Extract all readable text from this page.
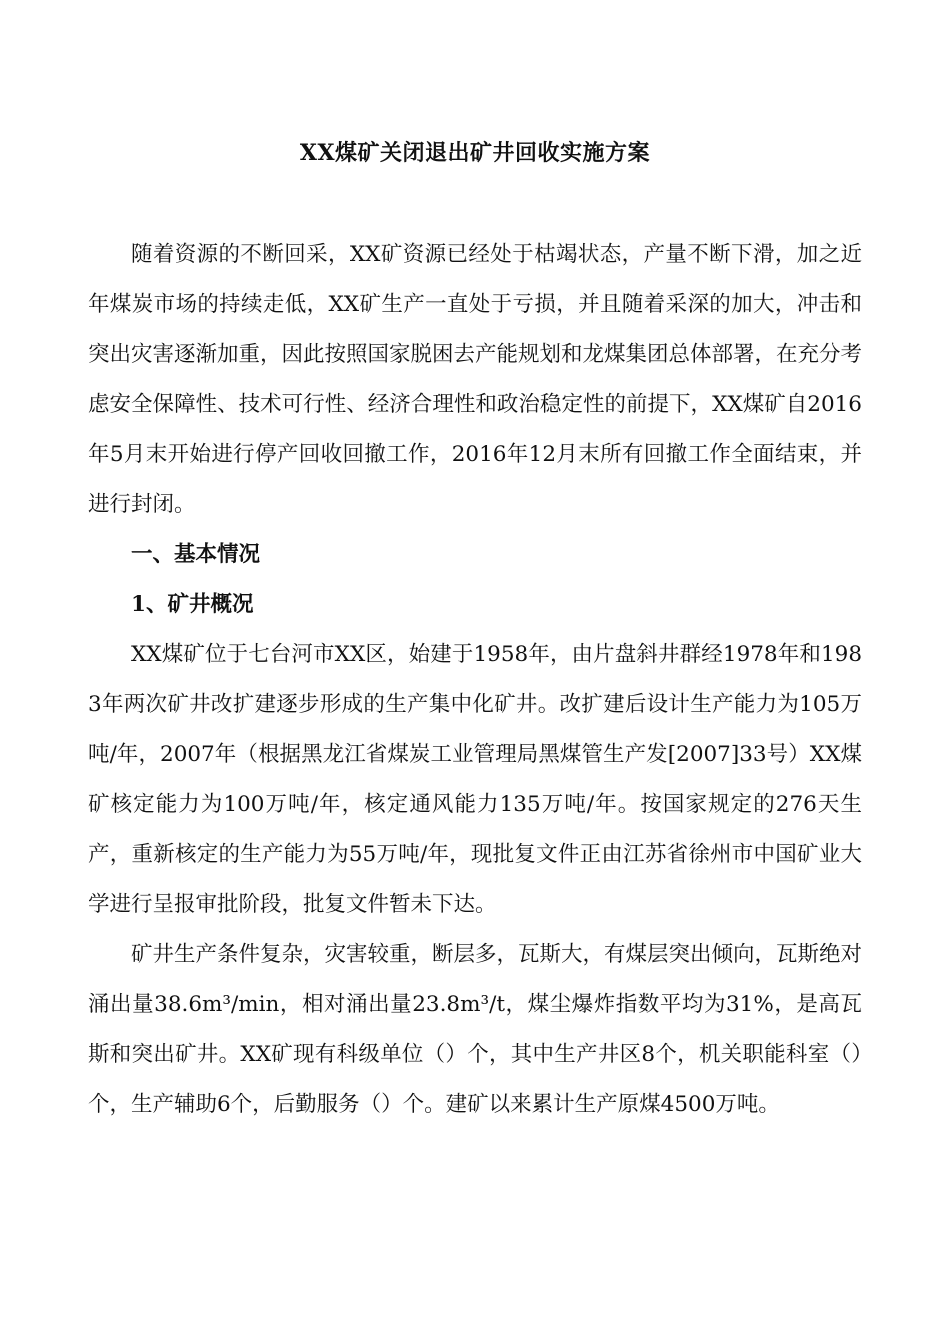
XX煤矿关闭退出矿井回收实施方案

随着资源的不断回采，XX矿资源已经处于枯竭状态，产量不断下滑，加之近年煤炭市场的持续走低，XX矿生产一直处于亏损，并且随着采深的加大，冲击和突出灾害逐渐加重，因此按照国家脱困去产能规划和龙煤集团总体部署，在充分考虑安全保障性、技术可行性、经济合理性和政治稳定性的前提下，XX煤矿自2016年5月末开始进行停产回收回撤工作，2016年12月末所有回撤工作全面结束，并进行封闭。

一、基本情况

1、矿井概况

XX煤矿位于七台河市XX区，始建于1958年，由片盘斜井群经1978年和1983年两次矿井改扩建逐步形成的生产集中化矿井。改扩建后设计生产能力为105万吨/年，2007年（根据黑龙江省煤炭工业管理局黑煤管生产发[2007]33号）XX煤矿核定能力为100万吨/年，核定通风能力135万吨/年。按国家规定的276天生产，重新核定的生产能力为55万吨/年，现批复文件正由江苏省徐州市中国矿业大学进行呈报审批阶段，批复文件暂未下达。

矿井生产条件复杂，灾害较重，断层多，瓦斯大，有煤层突出倾向，瓦斯绝对涌出量38.6m³/min，相对涌出量23.8m³/t，煤尘爆炸指数平均为31%，是高瓦斯和突出矿井。XX矿现有科级单位（）个，其中生产井区8个，机关职能科室（）个，生产辅助6个，后勤服务（）个。建矿以来累计生产原煤4500万吨。
